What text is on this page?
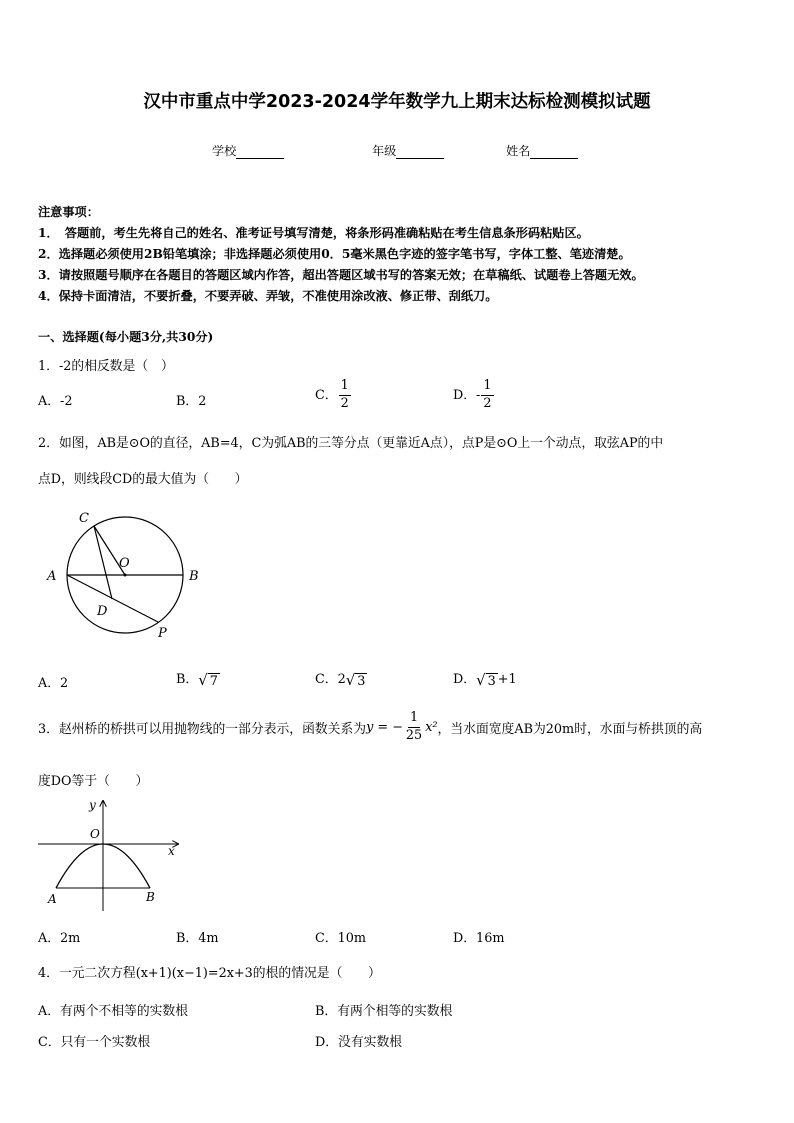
汉中市重点中学2023-2024学年数学九上期末达标检测模拟试题
学校	年级	姓名
注意事项：
1．　答题前，考生先将自己的姓名、准考证号填写清楚，将条形码准确粘贴在考生信息条形码粘贴区。
2．选择题必须使用2B铅笔填涂；非选择题必须使用0．5毫米黑色字迹的签字笔书写，字体工整、笔迹清楚。
3．请按照题号顺序在各题目的答题区域内作答，超出答题区域书写的答案无效；在草稿纸、试题卷上答题无效。
4．保持卡面清洁，不要折叠，不要弄破、弄皱，不准使用涂改液、修正带、刮纸刀。
一、选择题(每小题3分,共30分)
1．-2的相反数是（　）
A．-2	B．2	C． $\frac{1}{2}$	D．- $\frac{1}{2}$
2．如图，AB是⊙O的直径，AB=4，C为弧AB的三等分点（更靠近A点），点P是⊙O上一个动点，取弦AP的中
点D，则线段CD的最大值为（　　）
C
O
A	B
D
P
A．2	B．√ 7	C．2√ 3	D．√ 3 +1
3．赵州桥的桥拱可以用抛物线的一部分表示，函数关系为 y = − $\frac{1}{25} x^2$ ，当水面宽度AB为20m时，水面与桥拱顶的高
度DO等于（　　）
y
O
x
A	B
A．2m	B．4m	C．10m	D．16m
4．一元二次方程(x+1)(x−1)=2x+3的根的情况是（　　）
A．有两个不相等的实数根	B．有两个相等的实数根
C．只有一个实数根	D．没有实数根
